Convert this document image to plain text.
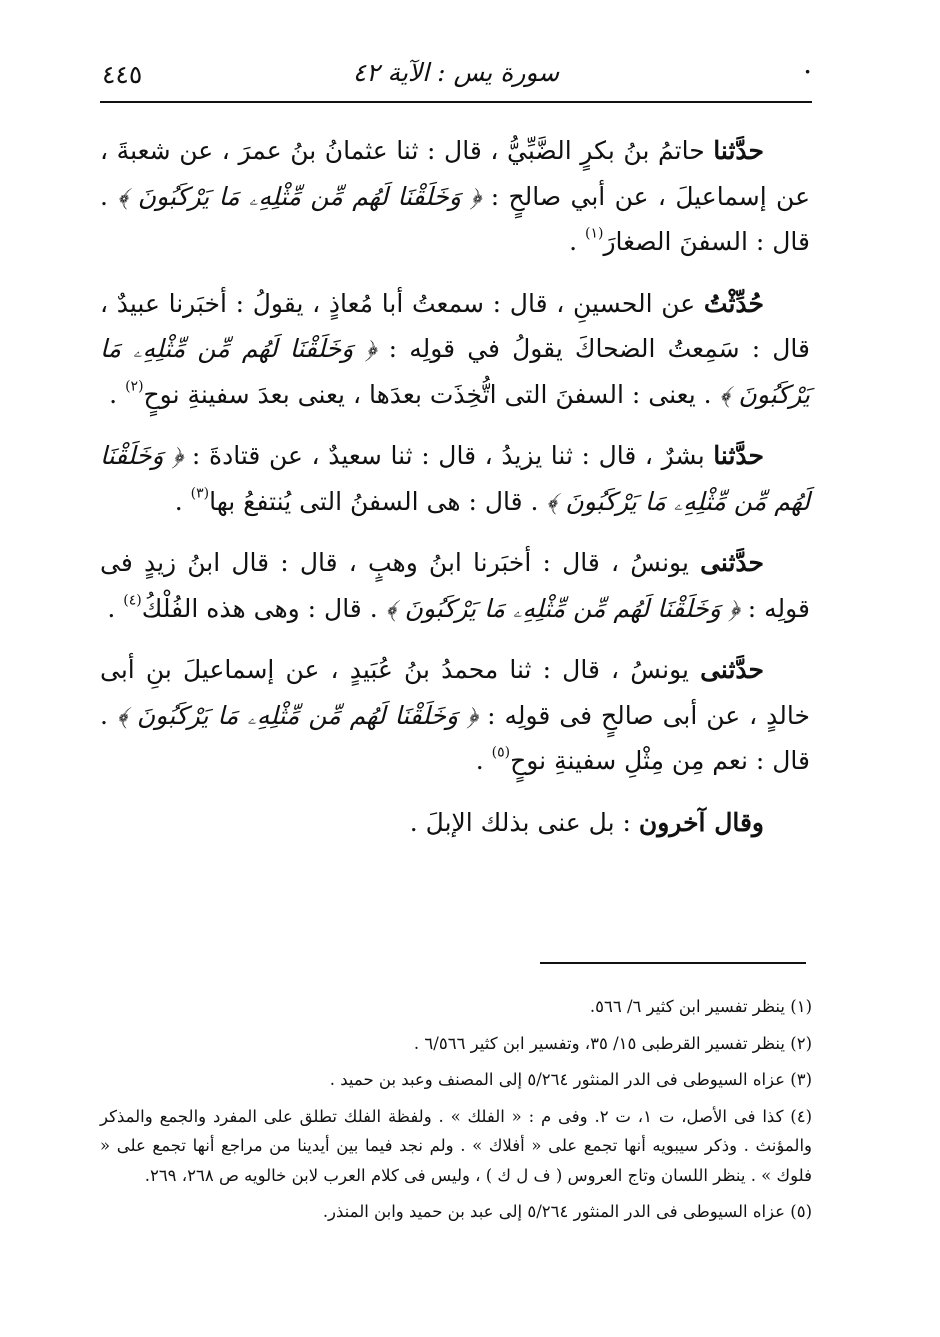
٤٤٥	سورة يس : الآية ٤٢	.

حدَّثنا حاتمُ بنُ بكرٍ الضَّبِّيُّ ، قال : ثنا عثمانُ بنُ عمرَ ، عن شعبةَ ، عن إسماعيلَ ، عن أبي صالحٍ : ﴿ وَخَلَقْنَا لَهُم مِّن مِّثْلِهِۦ مَا يَرْكَبُونَ ﴾ . قال : السفنَ الصغارَ$^{(١)}$ .

حُدِّثْتُ عن الحسينِ ، قال : سمعتُ أبا مُعاذٍ ، يقولُ : أخبَرنا عبيدٌ ، قال : سَمِعتُ الضحاكَ يقولُ في قولِه : ﴿ وَخَلَقْنَا لَهُم مِّن مِّثْلِهِۦ مَا يَرْكَبُونَ ﴾ . يعنى : السفنَ التى اتُّخِذَت بعدَها ، يعنى بعدَ سفينةِ نوحٍ$^{(٢)}$ .

حدَّثنا بشرٌ ، قال : ثنا يزيدُ ، قال : ثنا سعيدٌ ، عن قتادةَ : ﴿ وَخَلَقْنَا لَهُم مِّن مِّثْلِهِۦ مَا يَرْكَبُونَ ﴾ . قال : هى السفنُ التى يُنتفعُ بها$^{(٣)}$ .

حدَّثنى يونسُ ، قال : أخبَرنا ابنُ وهبٍ ، قال : قال ابنُ زيدٍ فى قولِه : ﴿ وَخَلَقْنَا لَهُم مِّن مِّثْلِهِۦ مَا يَرْكَبُونَ ﴾ . قال : وهى هذه الفُلْكُ$^{(٤)}$ .

حدَّثنى يونسُ ، قال : ثنا محمدُ بنُ عُبَيدٍ ، عن إسماعيلَ بنِ أبى خالدٍ ، عن أبى صالحٍ فى قولِه : ﴿ وَخَلَقْنَا لَهُم مِّن مِّثْلِهِۦ مَا يَرْكَبُونَ ﴾ . قال : نعم مِن مِثْلِ سفينةِ نوحٍ$^{(٥)}$ .

وقال آخرون : بل عنى بذلك الإبلَ .

(١) ينظر تفسير ابن كثير ٦/ ٥٦٦.
(٢) ينظر تفسير القرطبى ١٥/ ٣٥، وتفسير ابن كثير ٦/٥٦٦ .
(٣) عزاه السيوطى فى الدر المنثور ٥/٢٦٤ إلى المصنف وعبد بن حميد .
(٤) كذا فى الأصل، ت ١، ت ٢. وفى م : « الفلك » . ولفظة الفلك تطلق على المفرد والجمع والمذكر والمؤنث . وذكر سيبويه أنها تجمع على « أفلاك » . ولم نجد فيما بين أيدينا من مراجع أنها تجمع على « فلوك » . ينظر اللسان وتاج العروس ( ف ل ك ) ، وليس فى كلام العرب لابن خالويه ص ٢٦٨، ٢٦٩.
(٥) عزاه السيوطى فى الدر المنثور ٥/٢٦٤ إلى عبد بن حميد وابن المنذر.
